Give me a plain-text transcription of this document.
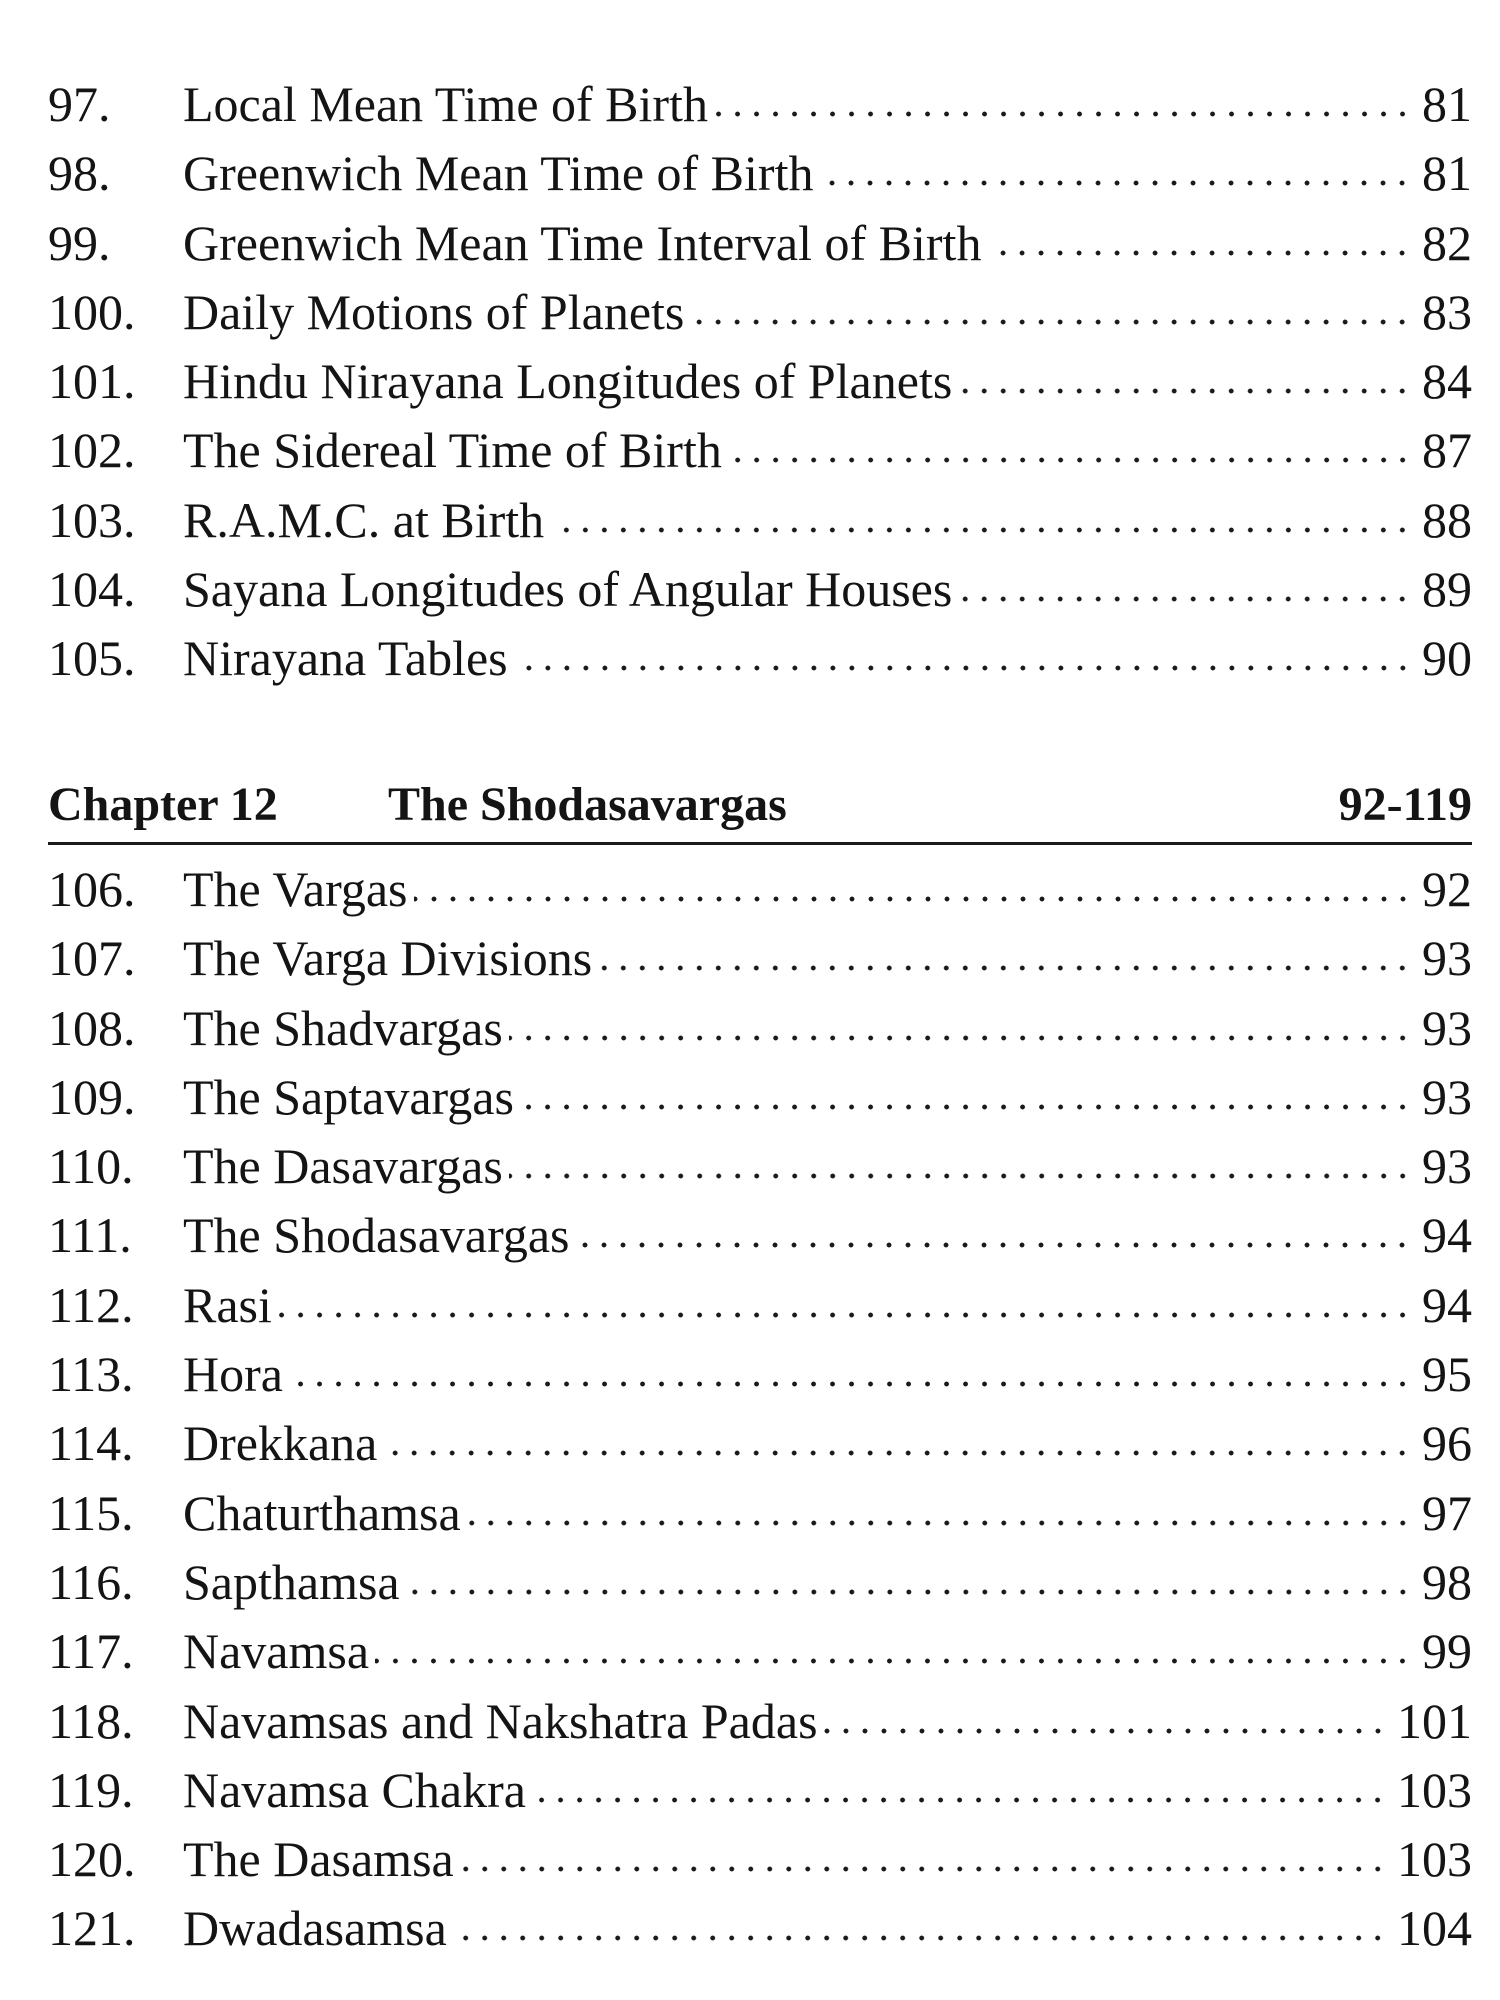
97.	Local Mean Time of Birth	81
98.	Greenwich Mean Time of Birth	81
99.	Greenwich Mean Time Interval of Birth	82
100. Daily Motions of Planets	83
101. Hindu Nirayana Longitudes of Planets	84
102. The Sidereal Time of Birth	87
103. R.A.M.C. at Birth	88
104. Sayana Longitudes of Angular Houses	89
105. Nirayana Tables	90
Chapter 12	The Shodasavargas	92-119
106. The Vargas	92
107. The Varga Divisions	93
108. The Shadvargas	93
109. The Saptavargas	93
110. The Dasavargas	93
111.	The Shodasavargas	94
112. Rasi	94
113. Hora	95
114. Drekkana	96
115. Chaturthamsa	97
116. Sapthamsa	98
117. Navamsa	99
118. Navamsas and Nakshatra Padas	101
119. Navamsa Chakra	103
120. The Dasamsa	103
121. Dwadasamsa	104
